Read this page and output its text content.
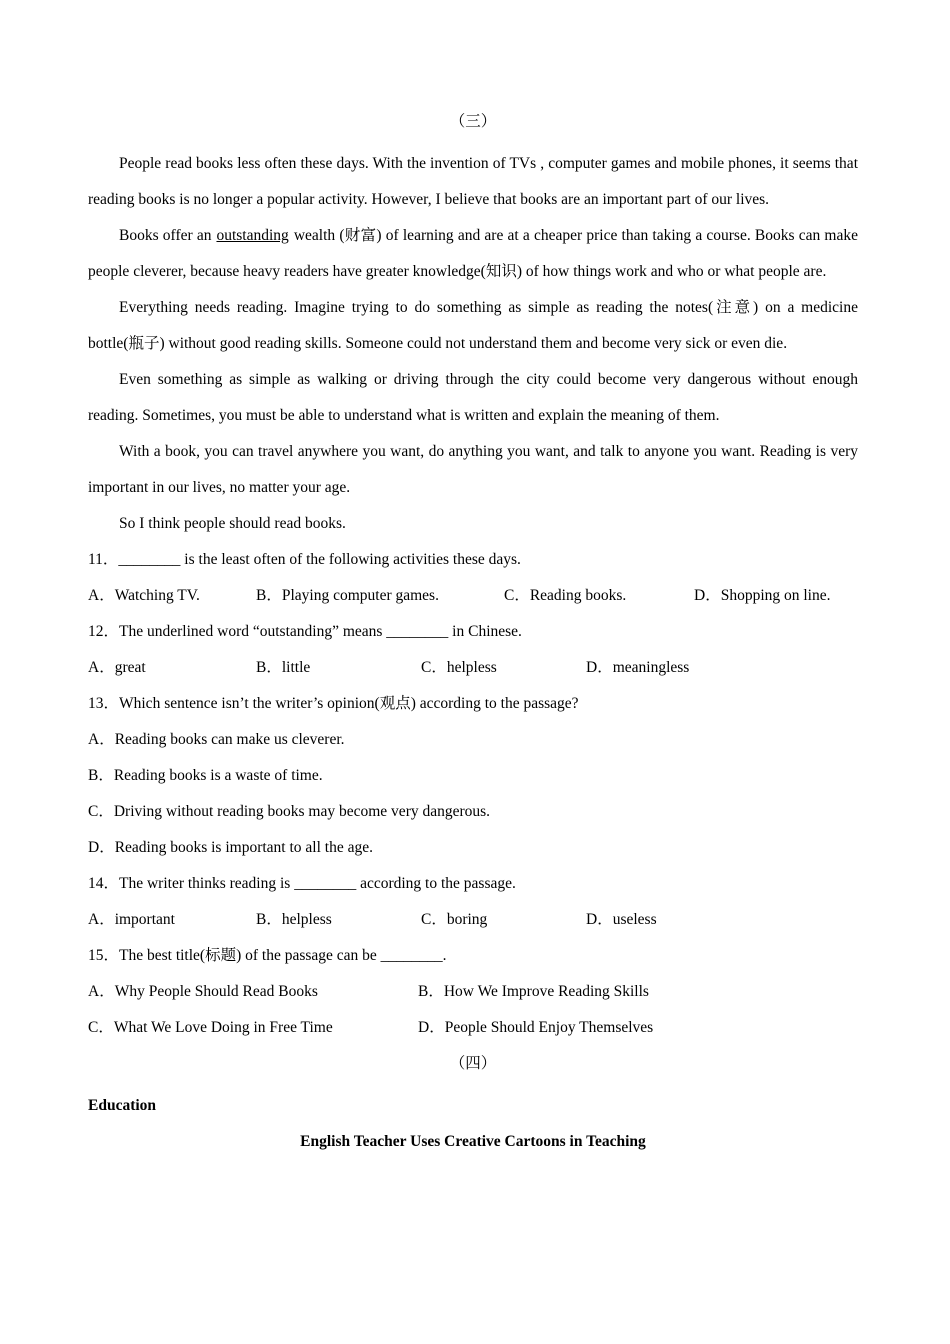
（三）

People read books less often these days. With the invention of TVs , computer games and mobile phones, it seems that reading books is no longer a popular activity. However, I believe that books are an important part of our lives.

Books offer an outstanding wealth (财富) of learning and are at a cheaper price than taking a course. Books can make people cleverer, because heavy readers have greater knowledge(知识) of how things work and who or what people are.

Everything needs reading. Imagine trying to do something as simple as reading the notes(注意) on a medicine bottle(瓶子) without good reading skills. Someone could not understand them and become very sick or even die.

Even something as simple as walking or driving through the city could become very dangerous without enough reading. Sometimes, you must be able to understand what is written and explain the meaning of them.

With a book, you can travel anywhere you want, do anything you want, and talk to anyone you want. Reading is very important in our lives, no matter your age.

So I think people should read books.

11．________ is the least often of the following activities these days.

A．Watching TV.	B．Playing computer games.	C．Reading books.	D．Shopping on line.

12．The underlined word “outstanding” means ________ in Chinese.

A．great	B．little	C．helpless	D．meaningless

13．Which sentence isn’t the writer’s opinion(观点) according to the passage?

A．Reading books can make us cleverer.

B．Reading books is a waste of time.

C．Driving without reading books may become very dangerous.

D．Reading books is important to all the age.

14．The writer thinks reading is ________ according to the passage.

A．important	B．helpless	C．boring	D．useless

15．The best title(标题) of the passage can be ________.

A．Why People Should Read Books	B．How We Improve Reading Skills

C．What We Love Doing in Free Time	D．People Should Enjoy Themselves

（四）

Education

English Teacher Uses Creative Cartoons in Teaching
